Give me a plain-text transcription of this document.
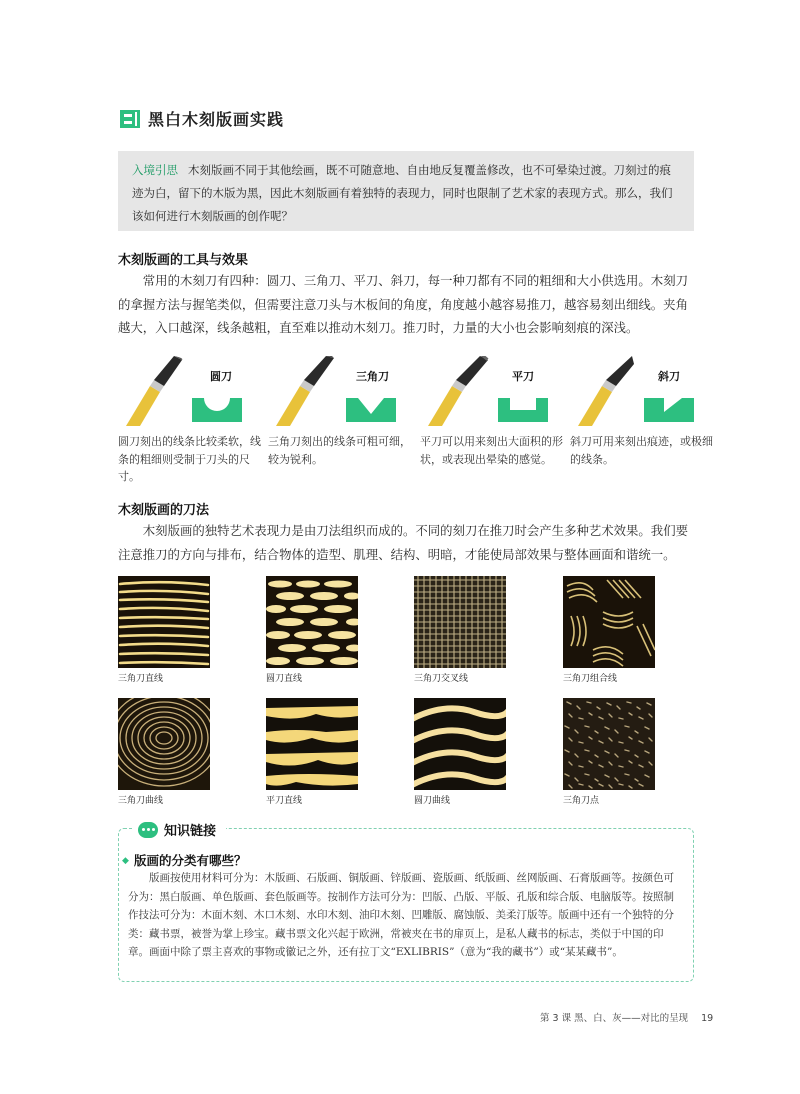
黑白木刻版画实践
入境引思 木刻版画不同于其他绘画，既不可随意地、自由地反复覆盖修改，也不可晕染过渡。刀刻过的痕迹为白，留下的木版为黑，因此木刻版画有着独特的表现力，同时也限制了艺术家的表现方式。那么，我们该如何进行木刻版画的创作呢？
木刻版画的工具与效果
常用的木刻刀有四种：圆刀、三角刀、平刀、斜刀，每一种刀都有不同的粗细和大小供选用。木刻刀的拿握方法与握笔类似，但需要注意刀头与木板间的角度，角度越小越容易推刀，越容易刻出细线。夹角越大，入口越深，线条越粗，直至难以推动木刻刀。推刀时，力量的大小也会影响刻痕的深浅。
圆刀
圆刀刻出的线条比较柔软，线条的粗细则受制于刀头的尺寸。
三角刀
三角刀刻出的线条可粗可细，较为锐利。
平刀
平刀可以用来刻出大面积的形状，或表现出晕染的感觉。
斜刀
斜刀可用来刻出痕迹，或极细的线条。
木刻版画的刀法
木刻版画的独特艺术表现力是由刀法组织而成的。不同的刻刀在推刀时会产生多种艺术效果。我们要注意推刀的方向与排布，结合物体的造型、肌理、结构、明暗，才能使局部效果与整体画面和谐统一。
三角刀直线	圆刀直线	三角刀交叉线	三角刀组合线
三角刀曲线	平刀直线	圆刀曲线	三角刀点
知识链接
◆ 版画的分类有哪些？
版画按使用材料可分为：木版画、石版画、铜版画、锌版画、瓷版画、纸版画、丝网版画、石膏版画等。按颜色可分为：黑白版画、单色版画、套色版画等。按制作方法可分为：凹版、凸版、平版、孔版和综合版、电脑版等。按照制作技法可分为：木面木刻、木口木刻、水印木刻、油印木刻、凹雕版、腐蚀版、美柔汀版等。版画中还有一个独特的分类：藏书票，被誉为掌上珍宝。藏书票文化兴起于欧洲，常被夹在书的扉页上，是私人藏书的标志，类似于中国的印章。画面中除了票主喜欢的事物或徽记之外，还有拉丁文“EXLIBRIS”（意为“我的藏书”）或“某某藏书”。
第 3 课 黑、白、灰——对比的呈现 19
